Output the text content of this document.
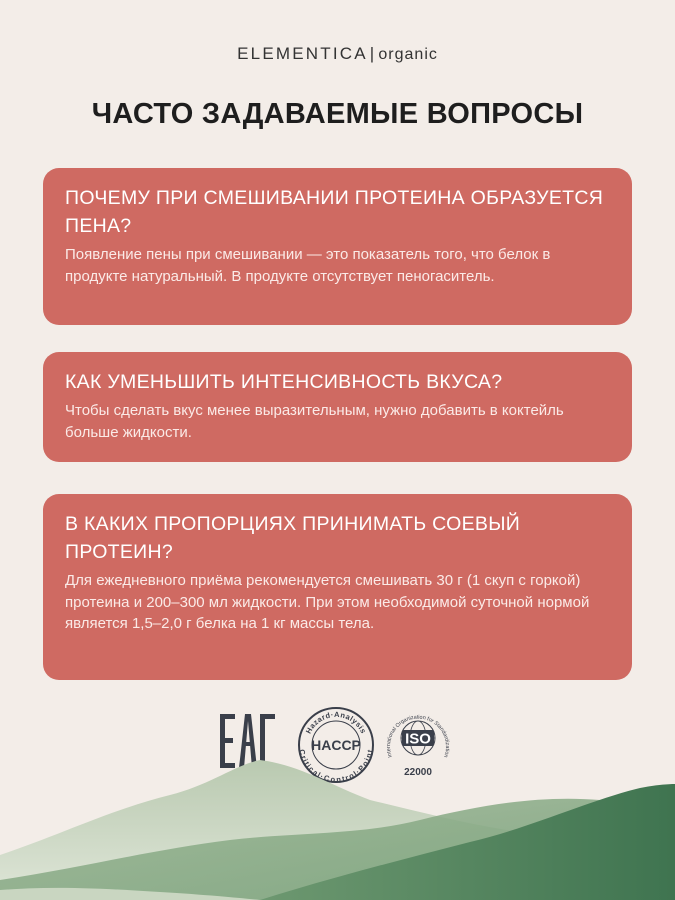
ELEMENTICA | organic
ЧАСТО ЗАДАВАЕМЫЕ ВОПРОСЫ
ПОЧЕМУ ПРИ СМЕШИВАНИИ ПРОТЕИНА ОБРАЗУЕТСЯ ПЕНА?
Появление пены при смешивании — это показатель того, что белок в продукте натуральный. В продукте отсутствует пеногаситель.
КАК УМЕНЬШИТЬ ИНТЕНСИВНОСТЬ ВКУСА?
Чтобы сделать вкус менее выразительным, нужно добавить в коктейль больше жидкости.
В КАКИХ ПРОПОРЦИЯХ ПРИНИМАТЬ СОЕВЫЙ ПРОТЕИН?
Для ежедневного приёма рекомендуется смешивать 30 г (1 скуп с горкой) протеина и 200–300 мл жидкости. При этом необходимой суточной нормой является 1,5–2,0 г белка на 1 кг массы тела.
Hazard·Analysis
Critical·Control·Point
HACCP
International Organization for Standardization
ISO
22000
